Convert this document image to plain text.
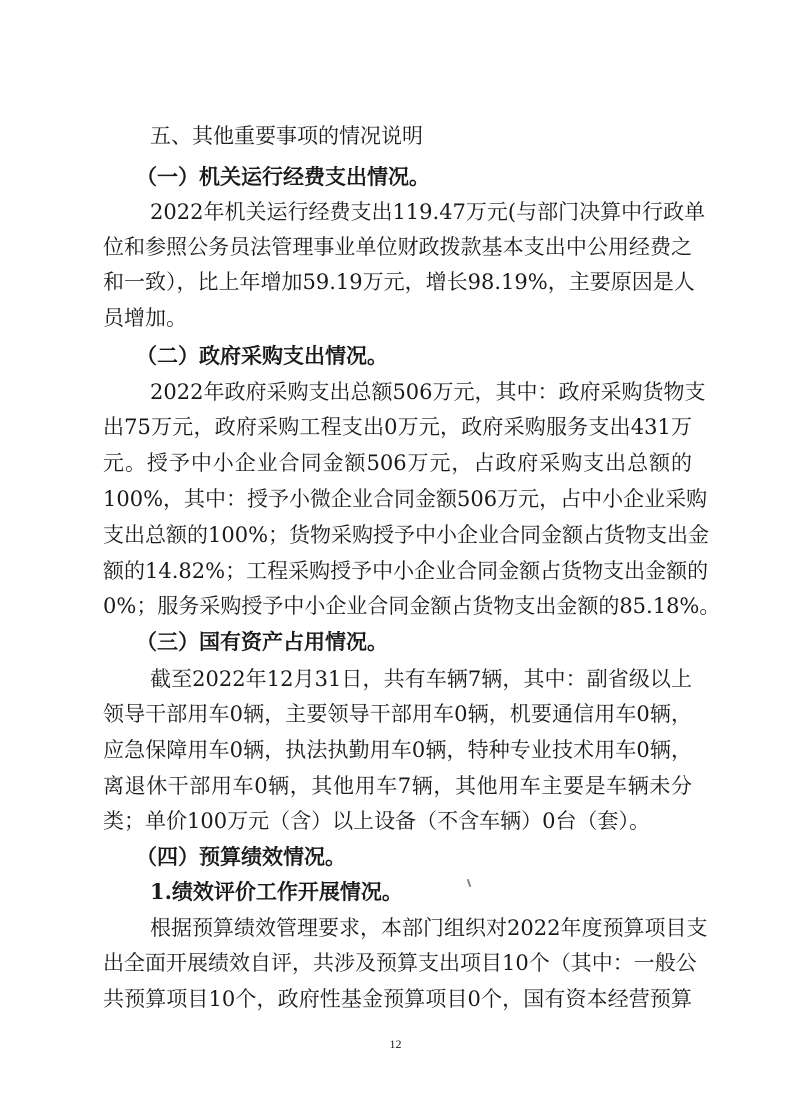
五、其他重要事项的情况说明
（一）机关运行经费支出情况。
2022年机关运行经费支出119.47万元(与部门决算中行政单
位和参照公务员法管理事业单位财政拨款基本支出中公用经费之
和一致），比上年增加59.19万元，增长98.19%，主要原因是人
员增加。
（二）政府采购支出情况。
2022年政府采购支出总额506万元，其中：政府采购货物支
出75万元，政府采购工程支出0万元，政府采购服务支出431万
元。授予中小企业合同金额506万元，占政府采购支出总额的
100%，其中：授予小微企业合同金额506万元，占中小企业采购
支出总额的100%；货物采购授予中小企业合同金额占货物支出金
额的14.82%；工程采购授予中小企业合同金额占货物支出金额的
0%；服务采购授予中小企业合同金额占货物支出金额的85.18%。
（三）国有资产占用情况。
截至2022年12月31日，共有车辆7辆，其中：副省级以上
领导干部用车0辆，主要领导干部用车0辆，机要通信用车0辆，
应急保障用车0辆，执法执勤用车0辆，特种专业技术用车0辆，
离退休干部用车0辆，其他用车7辆，其他用车主要是车辆未分
类；单价100万元（含）以上设备（不含车辆）0台（套）。
（四）预算绩效情况。
1.绩效评价工作开展情况。
根据预算绩效管理要求，本部门组织对2022年度预算项目支
出全面开展绩效自评，共涉及预算支出项目10个（其中：一般公
共预算项目10个，政府性基金预算项目0个，国有资本经营预算
12
